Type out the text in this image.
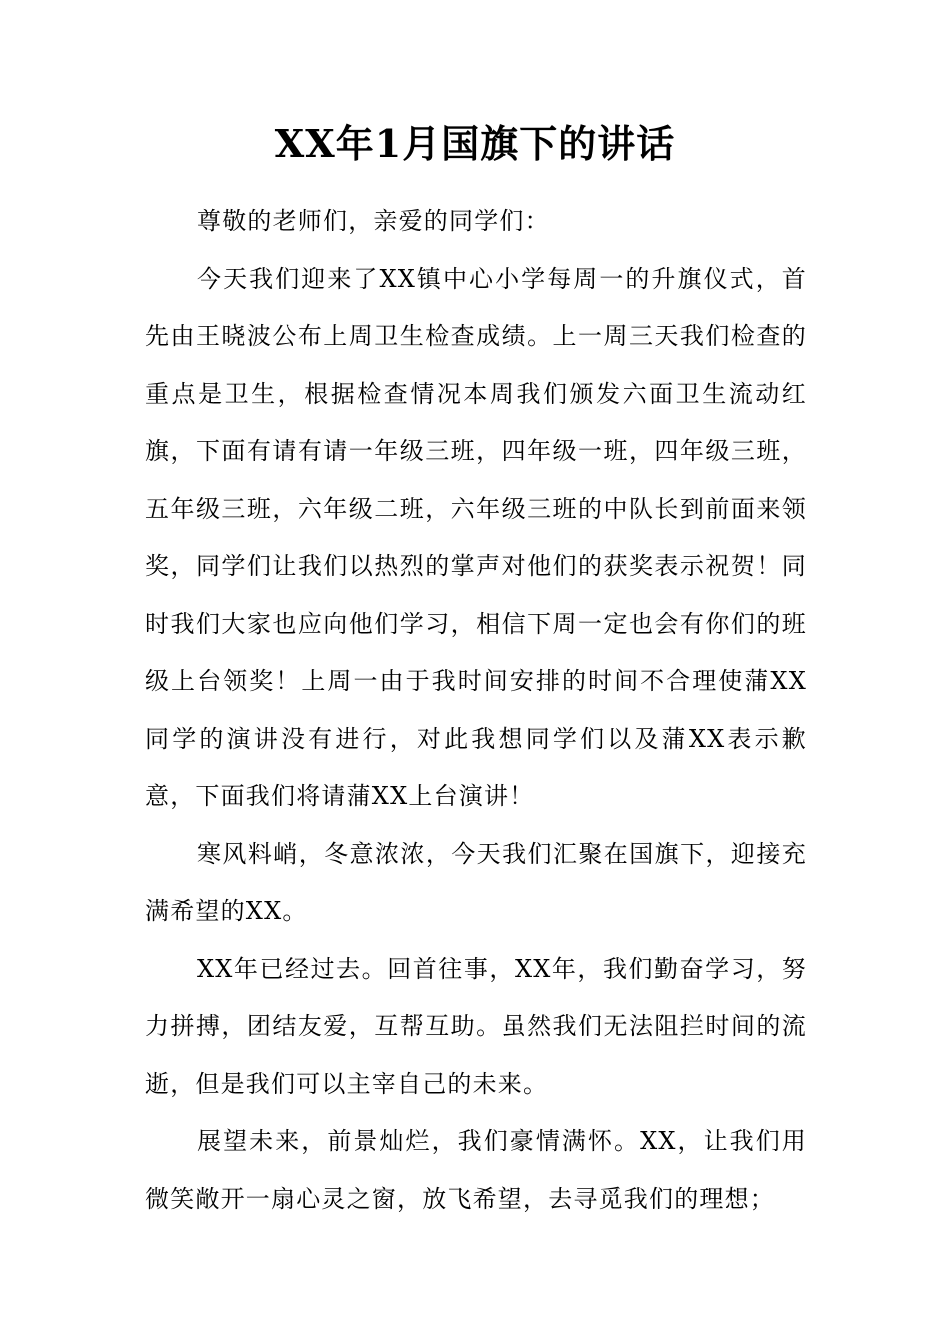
XX年1月国旗下的讲话

尊敬的老师们，亲爱的同学们：

今天我们迎来了XX镇中心小学每周一的升旗仪式，首先由王晓波公布上周卫生检查成绩。上一周三天我们检查的重点是卫生，根据检查情况本周我们颁发六面卫生流动红旗，下面有请有请一年级三班，四年级一班，四年级三班，五年级三班，六年级二班，六年级三班的中队长到前面来领奖，同学们让我们以热烈的掌声对他们的获奖表示祝贺！同时我们大家也应向他们学习，相信下周一定也会有你们的班级上台领奖！上周一由于我时间安排的时间不合理使蒲XX同学的演讲没有进行，对此我想同学们以及蒲XX表示歉意，下面我们将请蒲XX上台演讲！

寒风料峭，冬意浓浓，今天我们汇聚在国旗下，迎接充满希望的XX。

XX年已经过去。回首往事，XX年，我们勤奋学习，努力拼搏，团结友爱，互帮互助。虽然我们无法阻拦时间的流逝，但是我们可以主宰自己的未来。

展望未来，前景灿烂，我们豪情满怀。XX，让我们用微笑敞开一扇心灵之窗，放飞希望，去寻觅我们的理想；
